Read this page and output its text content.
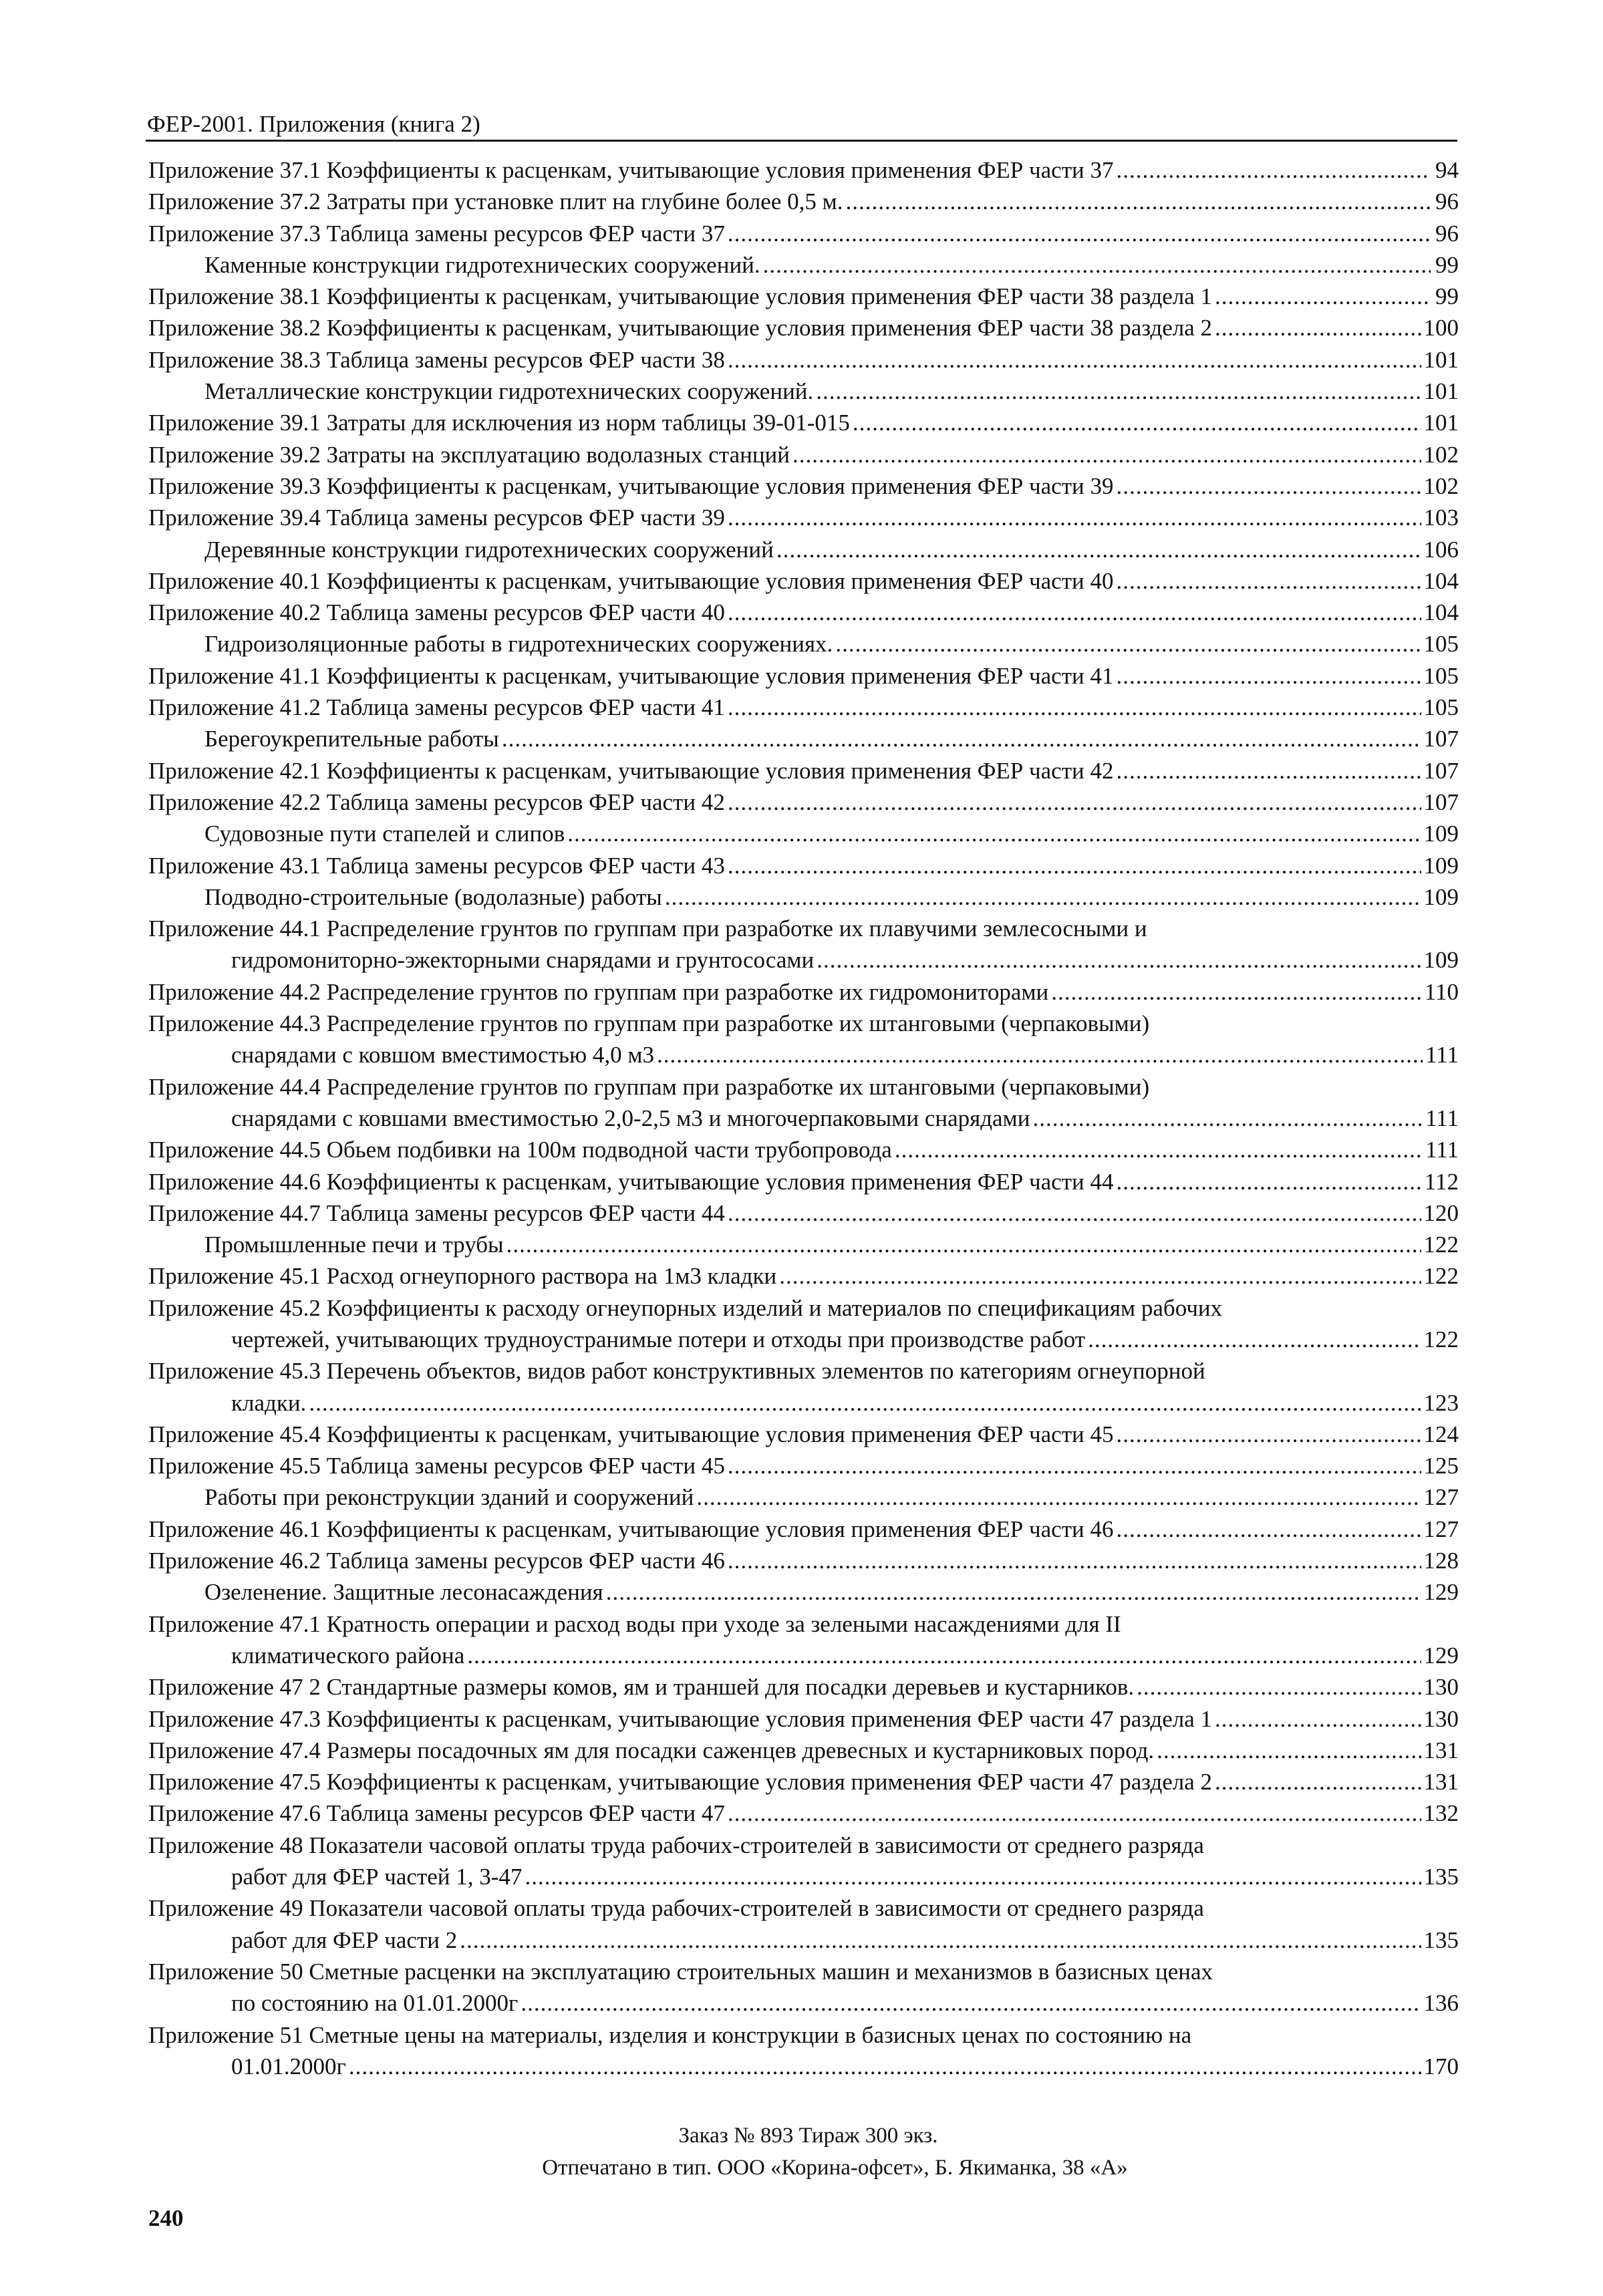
ФЕР-2001. Приложения (книга 2)
Приложение 37.1 Коэффициенты к расценкам, учитывающие условия применения ФЕР части 37 .....	94
Приложение 37.2 Затраты при установке плит на глубине более 0,5 м. .....	96
Приложение 37.3 Таблица замены ресурсов ФЕР части 37 .....	96
Каменные конструкции гидротехнических сооружений. .....	99
Приложение 38.1 Коэффициенты к расценкам, учитывающие условия применения ФЕР части 38 раздела 1 .....	99
Приложение 38.2 Коэффициенты к расценкам, учитывающие условия применения ФЕР части 38 раздела 2 .....	100
Приложение 38.3 Таблица замены ресурсов ФЕР части 38 .....	101
Металлические конструкции гидротехнических сооружений. .....	101
Приложение 39.1 Затраты для исключения из норм таблицы 39-01-015 .....	101
Приложение 39.2 Затраты на эксплуатацию водолазных станций .....	102
Приложение 39.3 Коэффициенты к расценкам, учитывающие условия применения ФЕР части 39 .....	102
Приложение 39.4 Таблица замены ресурсов ФЕР части 39 .....	103
Деревянные конструкции гидротехнических сооружений .....	106
Приложение 40.1 Коэффициенты к расценкам, учитывающие условия применения ФЕР части 40 .....	104
Приложение 40.2 Таблица замены ресурсов ФЕР части 40 .....	104
Гидроизоляционные работы в гидротехнических сооружениях. .....	105
Приложение 41.1 Коэффициенты к расценкам, учитывающие условия применения ФЕР части 41 .....	105
Приложение 41.2 Таблица замены ресурсов ФЕР части 41 .....	105
Берегоукрепительные работы .....	107
Приложение 42.1 Коэффициенты к расценкам, учитывающие условия применения ФЕР части 42 .....	107
Приложение 42.2 Таблица замены ресурсов ФЕР части 42 .....	107
Судовозные пути стапелей и слипов .....	109
Приложение 43.1 Таблица замены ресурсов ФЕР части 43 .....	109
Подводно-строительные (водолазные) работы .....	109
Приложение 44.1 Распределение грунтов по группам при разработке их плавучими землесосными и
гидромониторно-эжекторными снарядами и грунтососами .....	109
Приложение 44.2 Распределение грунтов по группам при разработке их гидромониторами .....	110
Приложение 44.3 Распределение грунтов по группам при разработке их штанговыми (черпаковыми)
снарядами с ковшом вместимостью 4,0 м3 .....	111
Приложение 44.4 Распределение грунтов по группам при разработке их штанговыми (черпаковыми)
снарядами с ковшами вместимостью 2,0-2,5 м3 и многочерпаковыми снарядами .....	111
Приложение 44.5 Обьем подбивки на 100м подводной части трубопровода .....	111
Приложение 44.6 Коэффициенты к расценкам, учитывающие условия применения ФЕР части 44 .....	112
Приложение 44.7 Таблица замены ресурсов ФЕР части 44 .....	120
Промышленные печи и трубы .....	122
Приложение 45.1 Расход огнеупорного раствора на 1м3 кладки .....	122
Приложение 45.2 Коэффициенты к расходу огнеупорных изделий и материалов по спецификациям рабочих
чертежей, учитывающих трудноустранимые потери и отходы при производстве работ .....	122
Приложение 45.3 Перечень объектов, видов работ конструктивных элементов по категориям огнеупорной
кладки. .....	123
Приложение 45.4 Коэффициенты к расценкам, учитывающие условия применения ФЕР части 45 .....	124
Приложение 45.5 Таблица замены ресурсов ФЕР части 45 .....	125
Работы при реконструкции зданий и сооружений .....	127
Приложение 46.1 Коэффициенты к расценкам, учитывающие условия применения ФЕР части 46 .....	127
Приложение 46.2 Таблица замены ресурсов ФЕР части 46 .....	128
Озеленение. Защитные лесонасаждения .....	129
Приложение 47.1 Кратность операции и расход воды при уходе за зелеными насаждениями для II
климатического района .....	129
Приложение 47 2 Стандартные размеры комов, ям и траншей для посадки деревьев и кустарников. .....	130
Приложение 47.3 Коэффициенты к расценкам, учитывающие условия применения ФЕР части 47 раздела 1 .....	130
Приложение 47.4 Размеры посадочных ям для посадки саженцев древесных и кустарниковых пород. .....	131
Приложение 47.5 Коэффициенты к расценкам, учитывающие условия применения ФЕР части 47 раздела 2 .....	131
Приложение 47.6 Таблица замены ресурсов ФЕР части 47 .....	132
Приложение 48 Показатели часовой оплаты труда рабочих-строителей в зависимости от среднего разряда
работ для ФЕР частей 1, 3-47 .....	135
Приложение 49 Показатели часовой оплаты труда рабочих-строителей в зависимости от среднего разряда
работ для ФЕР части 2 .....	135
Приложение 50 Сметные расценки на эксплуатацию строительных машин и механизмов в базисных ценах
по состоянию на 01.01.2000г .....	136
Приложение 51 Сметные цены на материалы, изделия и конструкции в базисных ценах по состоянию на
01.01.2000г .....	170
Заказ № 893 Тираж 300 экз.
Отпечатано в тип. ООО «Корина-офсет», Б. Якиманка, 38 «А»
240
